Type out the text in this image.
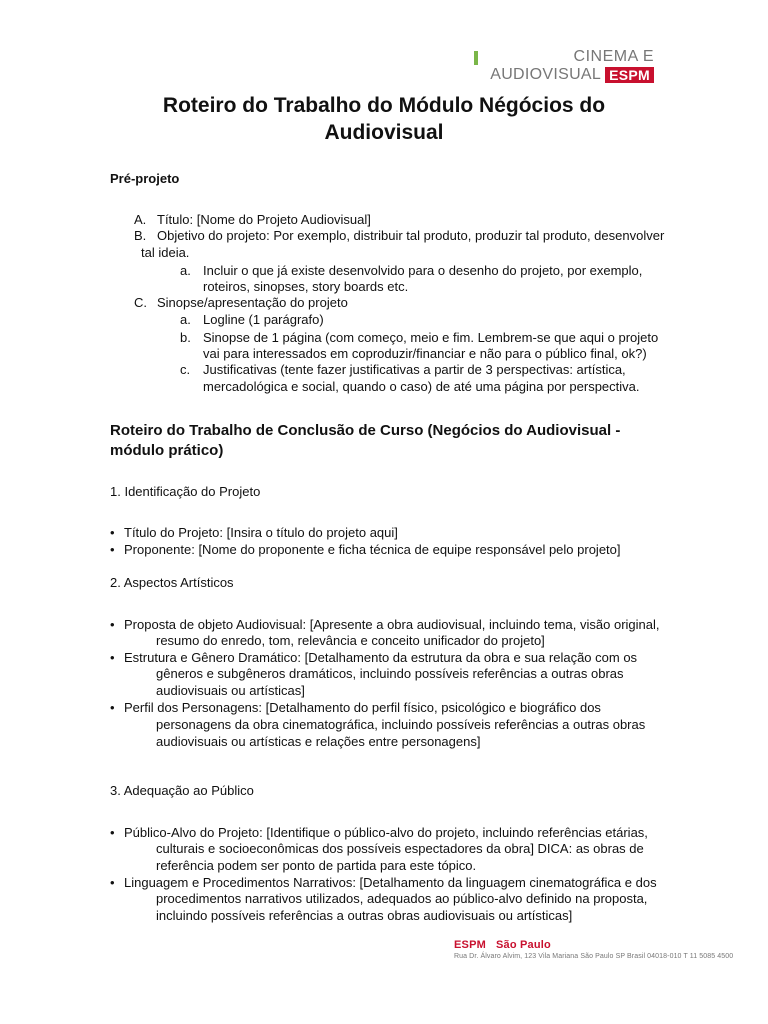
CINEMA E
AUDIOVISUAL ESPM
Roteiro do Trabalho do Módulo Négócios do Audiovisual
Pré-projeto
A. Título: [Nome do Projeto Audiovisual]
B. Objetivo do projeto: Por exemplo, distribuir tal produto, produzir tal produto, desenvolver
tal ideia.
a. Incluir o que já existe desenvolvido para o desenho do projeto, por exemplo,
roteiros, sinopses, story boards etc.
C. Sinopse/apresentação do projeto
a. Logline (1 parágrafo)
b. Sinopse de 1 página (com começo, meio e fim. Lembrem-se que aqui o projeto
vai para interessados em coproduzir/financiar e não para o público final, ok?)
c. Justificativas (tente fazer justificativas a partir de 3 perspectivas: artística,
mercadológica e social, quando o caso) de até uma página por perspectiva.
Roteiro do Trabalho de Conclusão de Curso (Negócios do Audiovisual - módulo prático)
1. Identificação do Projeto
• Título do Projeto: [Insira o título do projeto aqui]
• Proponente: [Nome do proponente e ficha técnica de equipe responsável pelo projeto]
2. Aspectos Artísticos
• Proposta de objeto Audiovisual: [Apresente a obra audiovisual, incluindo tema, visão original,
resumo do enredo, tom, relevância e conceito unificador do projeto]
• Estrutura e Gênero Dramático: [Detalhamento da estrutura da obra e sua relação com os
gêneros e subgêneros dramáticos, incluindo possíveis referências a outras obras
audiovisuais ou artísticas]
• Perfil dos Personagens: [Detalhamento do perfil físico, psicológico e biográfico dos
personagens da obra cinematográfica, incluindo possíveis referências a outras obras
audiovisuais ou artísticas e relações entre personagens]
3. Adequação ao Público
• Público-Alvo do Projeto: [Identifique o público-alvo do projeto, incluindo referências etárias,
culturais e socioeconômicas dos possíveis espectadores da obra] DICA: as obras de
referência podem ser ponto de partida para este tópico.
• Linguagem e Procedimentos Narrativos: [Detalhamento da linguagem cinematográfica e dos
procedimentos narrativos utilizados, adequados ao público-alvo definido na proposta,
incluindo possíveis referências a outras obras audiovisuais ou artísticas]
ESPM São Paulo
Rua Dr. Álvaro Alvim, 123 Vila Mariana São Paulo SP Brasil 04018-010 T 11 5085 4500
